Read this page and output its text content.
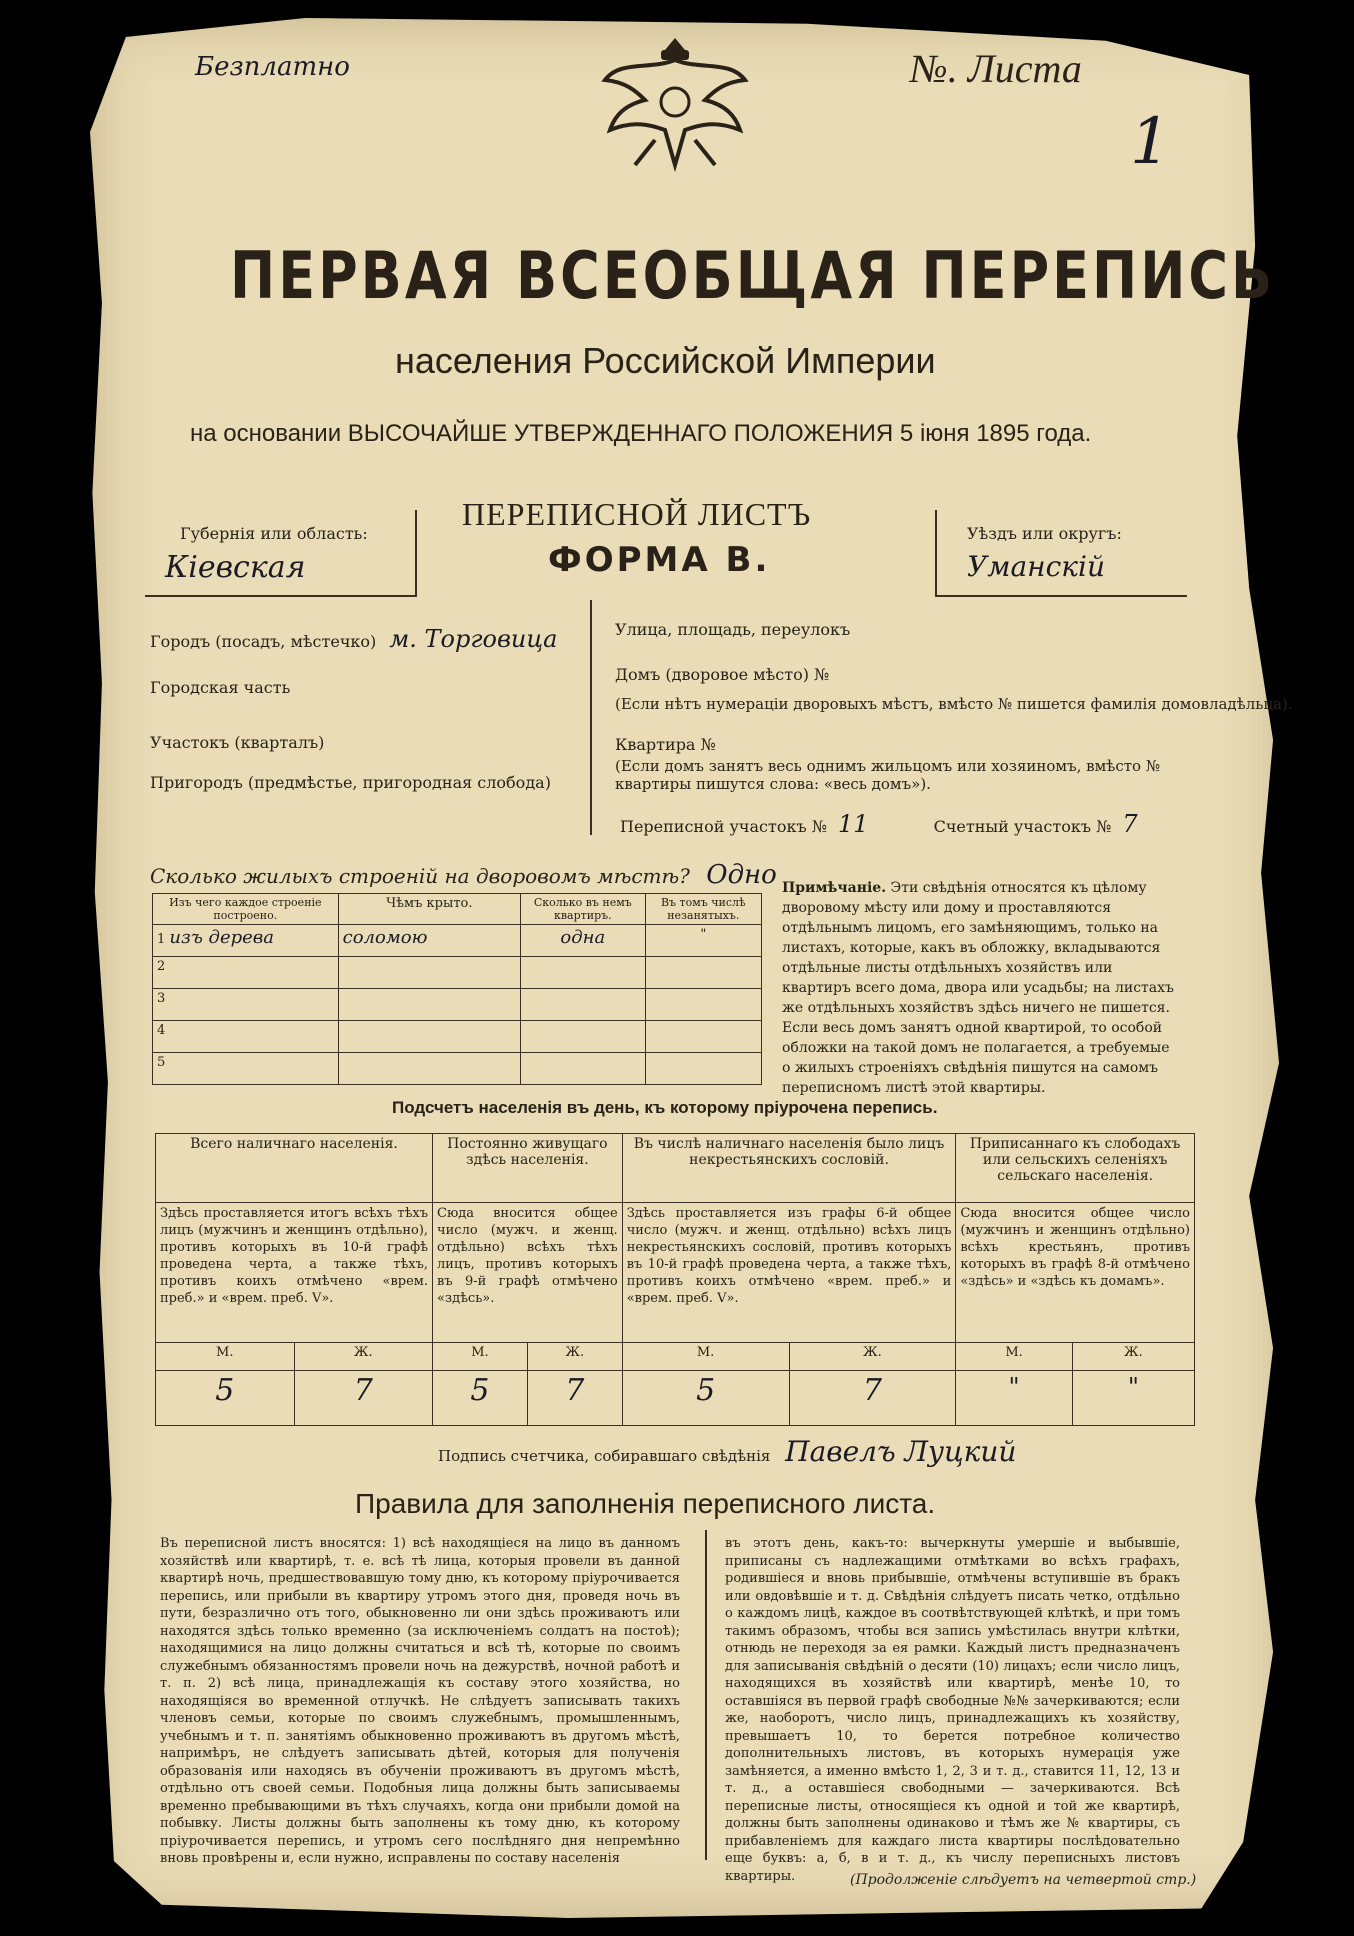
Безплатно	№. Листа
1
ПЕРВАЯ ВСЕОБЩАЯ ПЕРЕПИСЬ
населения Российской Империи
на основании ВЫСОЧАЙШЕ УТВЕРЖДЕННАГО ПОЛОЖЕНИЯ 5 іюня 1895 года.
Губернія или область:
Кіевская
ПЕРЕПИСНОЙ ЛИСТЪ
ФОРМА В.
Уѣздъ или округъ:
Уманскій
Городъ (посадъ, мѣстечко) м. Торговица
Городская часть
Участокъ (кварталъ)
Пригородъ (предмѣстье, пригородная слобода)
Улица, площадь, переулокъ
Домъ (дворовое мѣсто) №
(Если нѣтъ нумераціи дворовыхъ мѣстъ, вмѣсто № пишется фамилія домовладѣльца).
Квартира №
(Если домъ занятъ весь однимъ жильцомъ или хозяиномъ, вмѣсто № квартиры пишутся слова: «весь домъ»).
Переписной участокъ № 11	Счетный участокъ № 7
Сколько жилыхъ строеній на дворовомъ мѣстѣ? Одно
Изъ чего каждое строеніе построено.	Чѣмъ крыто.	Сколько въ немъ квартиръ.	Въ томъ числѣ незанятыхъ.
1 изъ дерева	соломою	одна	"
2			
3			
4			
5			
Примѣчаніе. Эти свѣдѣнія относятся къ цѣлому дворовому мѣсту или дому и проставляются отдѣльнымъ лицомъ, его замѣняющимъ, только на листахъ, которые, какъ въ обложку, вкладываются отдѣльные листы отдѣльныхъ хозяйствъ или квартиръ всего дома, двора или усадьбы; на листахъ же отдѣльныхъ хозяйствъ здѣсь ничего не пишется. Если весь домъ занятъ одной квартирой, то особой обложки на такой домъ не полагается, а требуемые о жилыхъ строеніяхъ свѣдѣнія пишутся на самомъ переписномъ листѣ этой квартиры.
Подсчетъ населенія въ день, къ которому пріурочена перепись.
Всего наличнаго населенія.		Постоянно живущаго здѣсь населенія.		Въ числѣ наличнаго населенія было лицъ некрестьянскихъ сословій.		Приписаннаго къ слободахъ или сельскихъ селеніяхъ сельскаго населенія.	
Здѣсь проставляется итогъ всѣхъ тѣхъ лицъ (мужчинъ и женщинъ отдѣльно), противъ которыхъ въ 10-й графѣ проведена черта, а также тѣхъ, противъ коихъ отмѣчено «врем. преб.» и «врем. преб. V».		Сюда вносится общее число (мужч. и женщ. отдѣльно) всѣхъ тѣхъ лицъ, противъ которыхъ въ 9-й графѣ отмѣчено «здѣсь».		Здѣсь проставляется изъ графы 6-й общее число (мужч. и женщ. отдѣльно) всѣхъ лицъ некрестьянскихъ сословій, противъ которыхъ въ 10-й графѣ проведена черта, а также тѣхъ, противъ коихъ отмѣчено «врем. преб.» и «врем. преб. V».		Сюда вносится общее число (мужчинъ и женщинъ отдѣльно) всѣхъ крестьянъ, противъ которыхъ въ графѣ 8-й отмѣчено «здѣсь» и «здѣсь къ домамъ».	
М.	Ж.	М.	Ж.	М.	Ж.	М.	Ж.
5	7	5	7	5	7	"	"
Подпись счетчика, собиравшаго свѣдѣнія Павелъ Луцкий
Правила для заполненія переписного листа.
Въ переписной листъ вносятся: 1) всѣ находящіеся на лицо въ данномъ хозяйствѣ или квартирѣ, т. е. всѣ тѣ лица, которыя провели въ данной квартирѣ ночь, предшествовавшую тому дню, къ которому пріурочивается перепись, или прибыли въ квартиру утромъ этого дня, проведя ночь въ пути, безразлично отъ того, обыкновенно ли они здѣсь проживаютъ или находятся здѣсь только временно (за исключеніемъ солдатъ на постоѣ); находящимися на лицо должны считаться и всѣ тѣ, которые по своимъ служебнымъ обязанностямъ провели ночь на дежурствѣ, ночной работѣ и т. п. 2) всѣ лица, принадлежащія къ составу этого хозяйства, но находящіяся во временной отлучкѣ. Не слѣдуетъ записывать такихъ членовъ семьи, которые по своимъ служебнымъ, промышленнымъ, учебнымъ и т. п. занятіямъ обыкновенно проживаютъ въ другомъ мѣстѣ, напримѣръ, не слѣдуетъ записывать дѣтей, которыя для полученія образованія или находясь въ обученіи проживаютъ въ другомъ мѣстѣ, отдѣльно отъ своей семьи. Подобныя лица должны быть записываемы временно пребывающими въ тѣхъ случаяхъ, когда они прибыли домой на побывку. Листы должны быть заполнены къ тому дню, къ которому пріурочивается перепись, и утромъ сего послѣдняго дня непремѣнно вновь провѣрены и, если нужно, исправлены по составу населенія
въ этотъ день, какъ-то: вычеркнуты умершіе и выбывшіе, приписаны съ надлежащими отмѣтками во всѣхъ графахъ, родившіеся и вновь прибывшіе, отмѣчены вступившіе въ бракъ или овдовѣвшіе и т. д. Свѣдѣнія слѣдуетъ писать четко, отдѣльно о каждомъ лицѣ, каждое въ соотвѣтствующей клѣткѣ, и при томъ такимъ образомъ, чтобы вся запись умѣстилась внутри клѣтки, отнюдь не переходя за ея рамки. Каждый листъ предназначенъ для записыванія свѣдѣній о десяти (10) лицахъ; если число лицъ, находящихся въ хозяйствѣ или квартирѣ, менѣе 10, то оставшіяся въ первой графѣ свободные №№ зачеркиваются; если же, наоборотъ, число лицъ, принадлежащихъ къ хозяйству, превышаетъ 10, то берется потребное количество дополнительныхъ листовъ, въ которыхъ нумерація уже замѣняется, а именно вмѣсто 1, 2, 3 и т. д., ставится 11, 12, 13 и т. д., а оставшіеся свободными — зачеркиваются. Всѣ переписные листы, относящіеся къ одной и той же квартирѣ, должны быть заполнены одинаково и тѣмъ же № квартиры, съ прибавленіемъ для каждаго листа квартиры послѣдовательно еще буквъ: а, б, в и т. д., къ числу переписныхъ листовъ квартиры.	(Продолженіе слѣдуетъ на четвертой стр.)
